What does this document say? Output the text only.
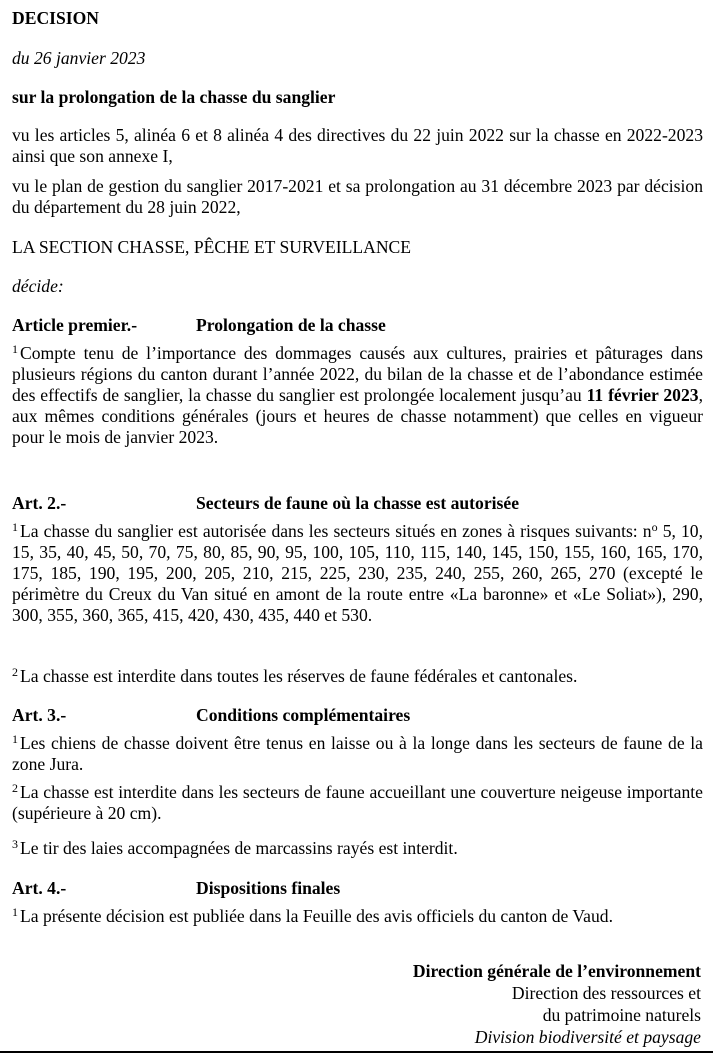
DECISION

du 26 janvier 2023

sur la prolongation de la chasse du sanglier

vu les articles 5, alinéa 6 et 8 alinéa 4 des directives du 22 juin 2022 sur la chasse en 2022-2023 ainsi que son annexe I,

vu le plan de gestion du sanglier 2017-2021 et sa prolongation au 31 décembre 2023 par décision du département du 28 juin 2022,

LA SECTION CHASSE, PÊCHE ET SURVEILLANCE

décide:

Article premier.-	Prolongation de la chasse

$^1$ Compte tenu de l’importance des dommages causés aux cultures, prairies et pâturages dans plusieurs régions du canton durant l’année 2022, du bilan de la chasse et de l’abondance estimée des effectifs de sanglier, la chasse du sanglier est prolongée localement jusqu’au 11 février 2023, aux mêmes conditions générales (jours et heures de chasse notamment) que celles en vigueur pour le mois de janvier 2023.

Art. 2.-	Secteurs de faune où la chasse est autorisée

$^1$ La chasse du sanglier est autorisée dans les secteurs situés en zones à risques suivants: $n^o$ 5, 10, 15, 35, 40, 45, 50, 70, 75, 80, 85, 90, 95, 100, 105, 110, 115, 140, 145, 150, 155, 160, 165, 170, 175, 185, 190, 195, 200, 205, 210, 215, 225, 230, 235, 240, 255, 260, 265, 270 (excepté le périmètre du Creux du Van situé en amont de la route entre «La baronne» et «Le Soliat»), 290, 300, 355, 360, 365, 415, 420, 430, 435, 440 et 530.

$^2$ La chasse est interdite dans toutes les réserves de faune fédérales et cantonales.

Art. 3.-	Conditions complémentaires

$^1$ Les chiens de chasse doivent être tenus en laisse ou à la longe dans les secteurs de faune de la zone Jura.

$^2$ La chasse est interdite dans les secteurs de faune accueillant une couverture neigeuse importante (supérieure à 20 cm).

$^3$ Le tir des laies accompagnées de marcassins rayés est interdit.

Art. 4.-	Dispositions finales

$^1$ La présente décision est publiée dans la Feuille des avis officiels du canton de Vaud.

Direction générale de l’environnement

Direction des ressources et

du patrimoine naturels

Division biodiversité et paysage
